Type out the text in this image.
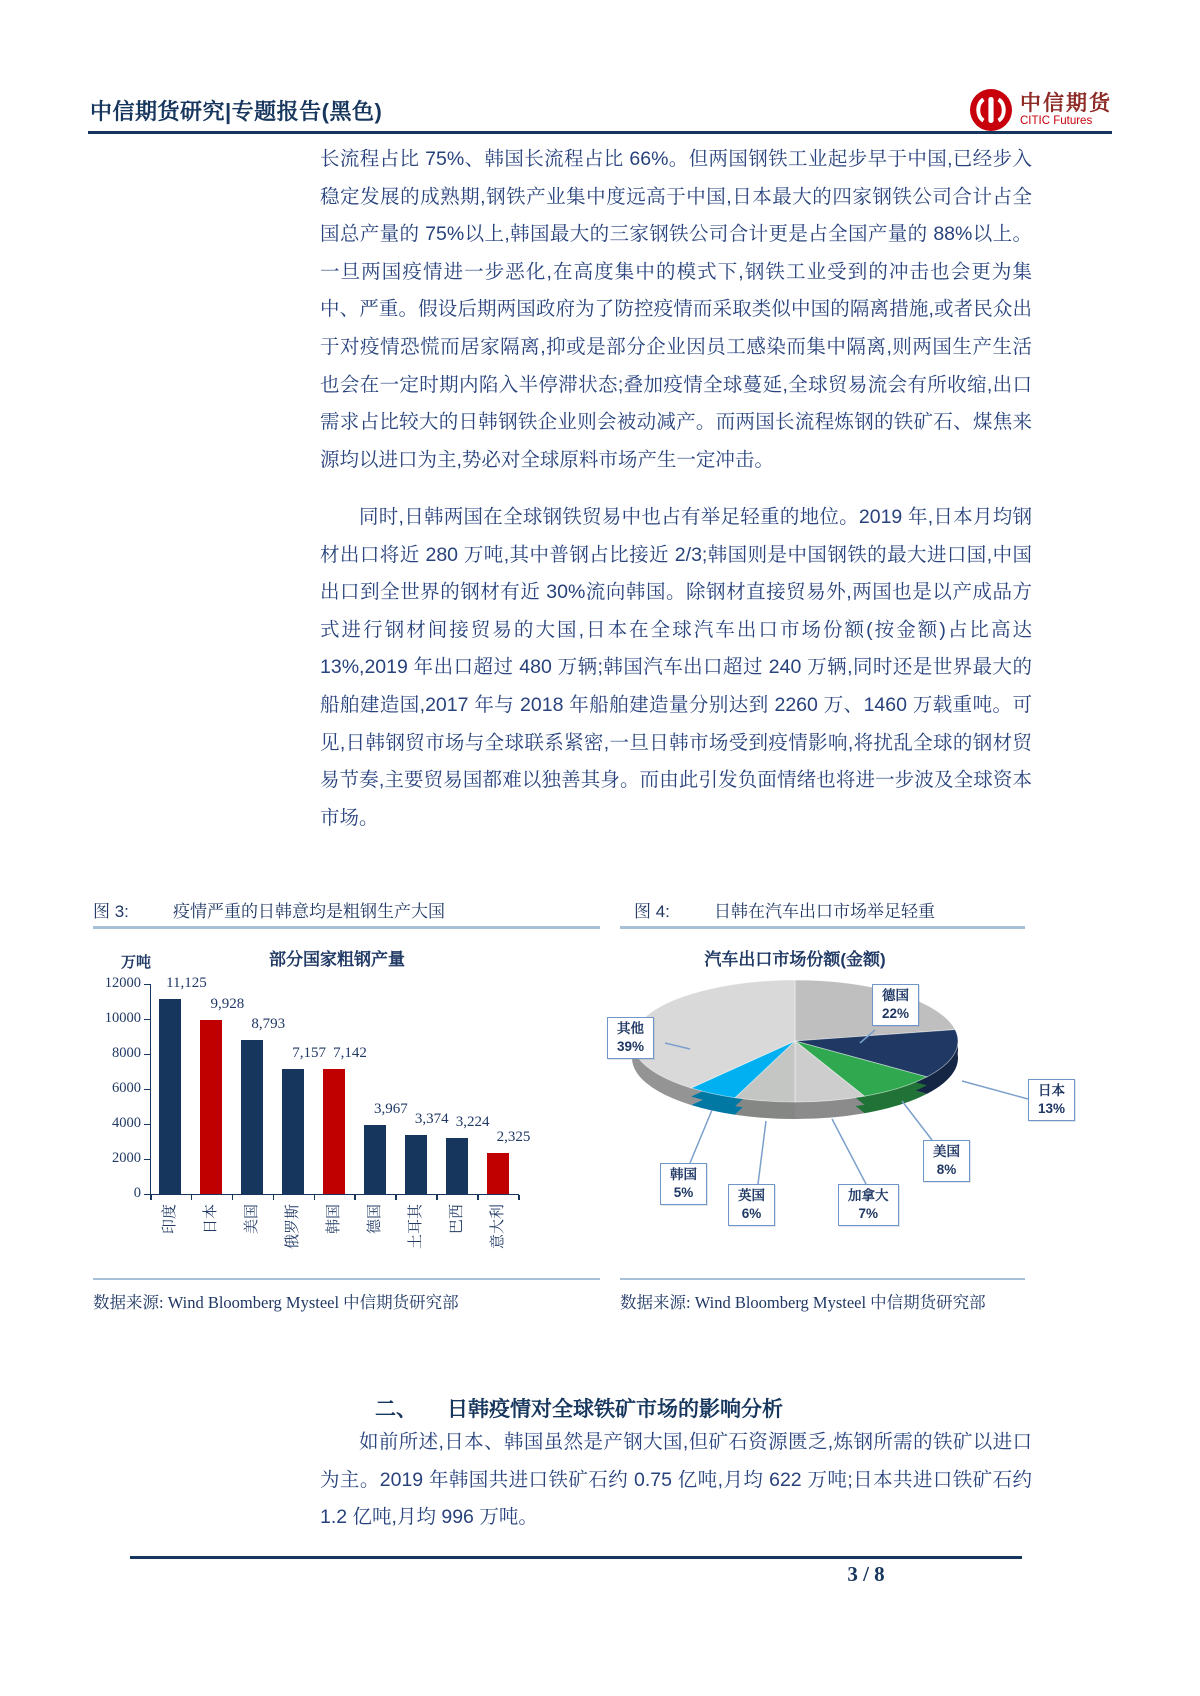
中信期货研究|专题报告(黑色)	中信期货
CITIC Futures

长流程占比 75%、韩国长流程占比 66%。但两国钢铁工业起步早于中国,已经步入稳定发展的成熟期,钢铁产业集中度远高于中国,日本最大的四家钢铁公司合计占全国总产量的 75%以上,韩国最大的三家钢铁公司合计更是占全国产量的 88%以上。一旦两国疫情进一步恶化,在高度集中的模式下,钢铁工业受到的冲击也会更为集中、严重。假设后期两国政府为了防控疫情而采取类似中国的隔离措施,或者民众出于对疫情恐慌而居家隔离,抑或是部分企业因员工感染而集中隔离,则两国生产生活也会在一定时期内陷入半停滞状态;叠加疫情全球蔓延,全球贸易流会有所收缩,出口需求占比较大的日韩钢铁企业则会被动减产。而两国长流程炼钢的铁矿石、煤焦来源均以进口为主,势必对全球原料市场产生一定冲击。

同时,日韩两国在全球钢铁贸易中也占有举足轻重的地位。2019 年,日本月均钢材出口将近 280 万吨,其中普钢占比接近 2/3;韩国则是中国钢铁的最大进口国,中国出口到全世界的钢材有近 30%流向韩国。除钢材直接贸易外,两国也是以产成品方式进行钢材间接贸易的大国,日本在全球汽车出口市场份额(按金额)占比高达 13%,2019 年出口超过 480 万辆;韩国汽车出口超过 240 万辆,同时还是世界最大的船舶建造国,2017 年与 2018 年船舶建造量分别达到 2260 万、1460 万载重吨。可见,日韩钢贸市场与全球联系紧密,一旦日韩市场受到疫情影响,将扰乱全球的钢材贸易节奏,主要贸易国都难以独善其身。而由此引发负面情绪也将进一步波及全球资本市场。

图 3:	疫情严重的日韩意均是粗钢生产大国
部分国家粗钢产量
万吨
0
2000
4000
6000
8000
10000
12000	11,125
印度
9,928
日本
8,793
美国
7,157
俄罗斯
7,142
韩国
3,967
德国
3,374
土耳其
3,224
巴西
2,325
意大利
数据来源: Wind Bloomberg Mysteel 中信期货研究部
图 4:	日韩在汽车出口市场举足轻重
汽车出口市场份额(金额)
德国
22%
日本
13%
美国
8%
加拿大
7%
英国
6%
韩国
5%
其他
39%
数据来源: Wind Bloomberg Mysteel 中信期货研究部
二、 日韩疫情对全球铁矿市场的影响分析

如前所述,日本、韩国虽然是产钢大国,但矿石资源匮乏,炼钢所需的铁矿以进口为主。2019 年韩国共进口铁矿石约 0.75 亿吨,月均 622 万吨;日本共进口铁矿石约 1.2 亿吨,月均 996 万吨。

3 / 8
